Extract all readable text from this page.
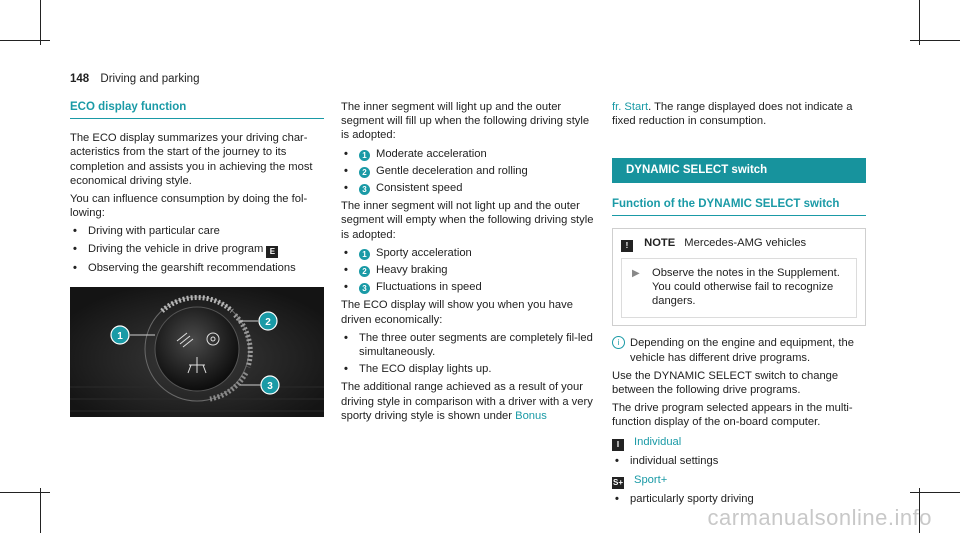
148 Driving and parking
ECO display function

The ECO display summarizes your driving char-acteristics from the start of the journey to its completion and assists you in achieving the most economical driving style.

You can influence consumption by doing the fol-lowing:

• Driving with particular care
• Driving the vehicle in drive program E
• Observing the gearshift recommendations
1
2
3

The inner segment will light up and the outer segment will fill up when the following driving style is adopted:

• 1 Moderate acceleration
• 2 Gentle deceleration and rolling
• 3 Consistent speed

The inner segment will not light up and the outer segment will empty when the following driving style is adopted:

• 1 Sporty acceleration
• 2 Heavy braking
• 3 Fluctuations in speed

The ECO display will show you when you have driven economically:

• The three outer segments are completely fil-led simultaneously.
• The ECO display lights up.

The additional range achieved as a result of your driving style in comparison with a driver with a very sporty driving style is shown under Bonus

fr. Start. The range displayed does not indicate a fixed reduction in consumption.

DYNAMIC SELECT switch
Function of the DYNAMIC SELECT switch
! NOTE Mercedes-AMG vehicles
▶ Observe the notes in the Supplement. You could otherwise fail to recognize dangers.
i Depending on the engine and equipment, the vehicle has different drive programs.

Use the DYNAMIC SELECT switch to change between the following drive programs.

The drive program selected appears in the multi-function display of the on-board computer.

I Individual
• individual settings
S+ Sport+
• particularly sporty driving
carmanualsonline.info
